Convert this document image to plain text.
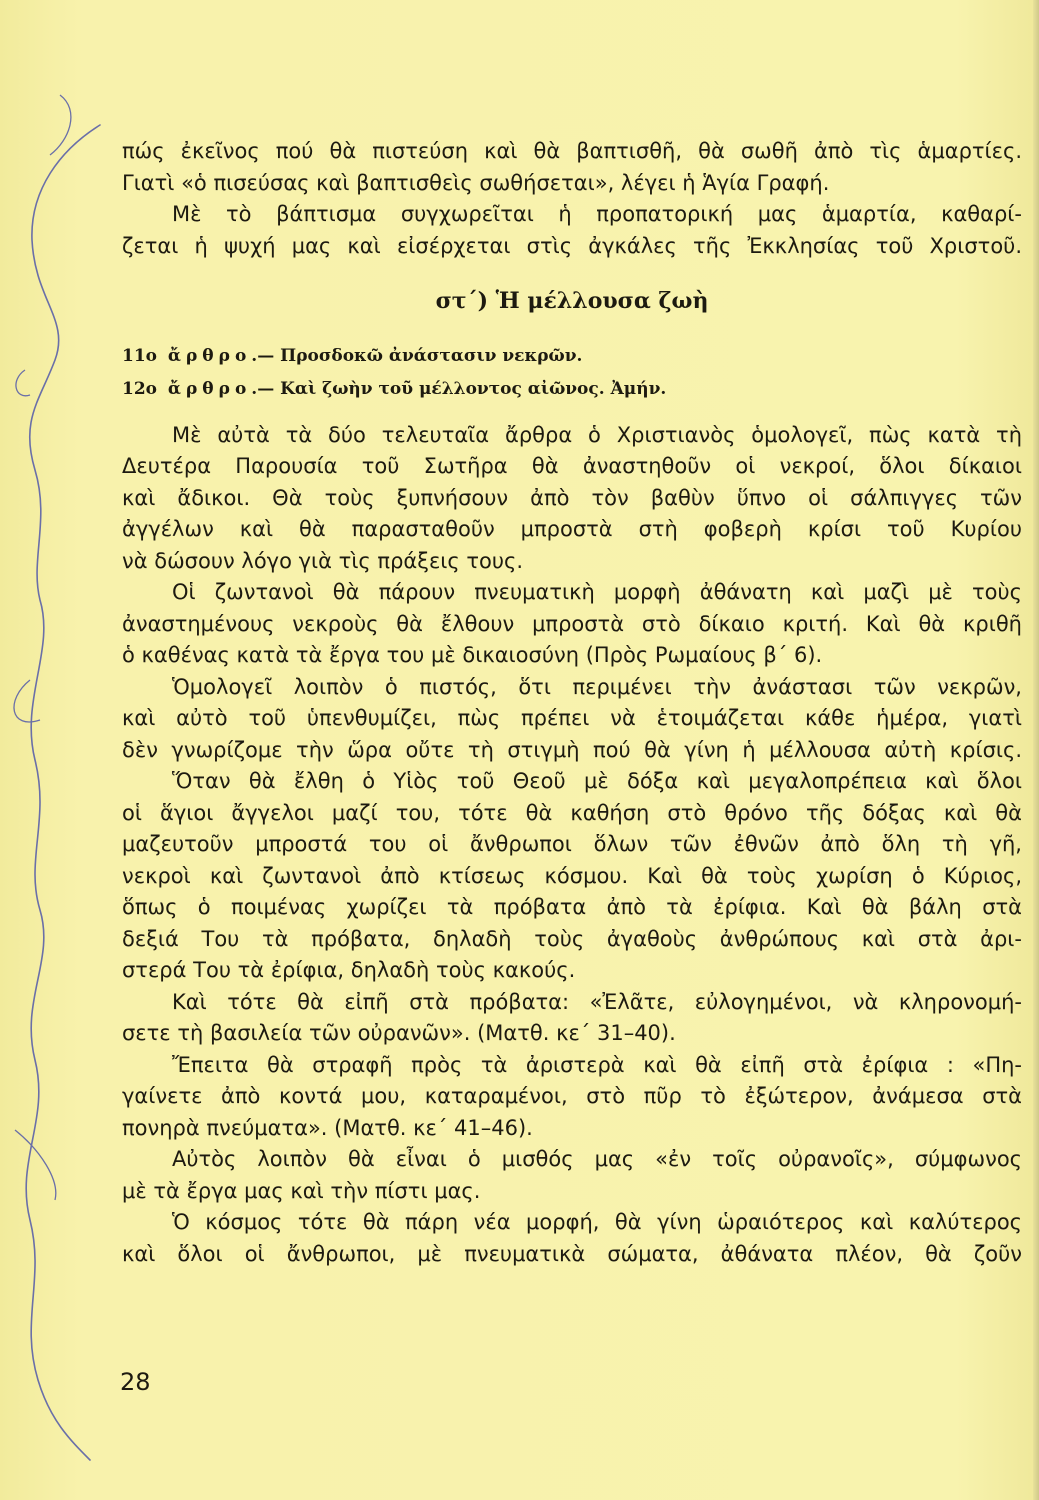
πώς ἐκεῖνος πού θὰ πιστεύση καὶ θὰ βαπτισθῆ, θὰ σωθῆ ἀπὸ τὶς ἁμαρτίες.
Γιατὶ «ὁ πισεύσας καὶ βαπτισθεὶς σωθήσεται», λέγει ἡ Ἁγία Γραφή.
Μὲ τὸ βάπτισμα συγχωρεῖται ἡ προπατορική μας ἁμαρτία, καθαρί-
ζεται ἡ ψυχή μας καὶ εἰσέρχεται στὶς ἀγκάλες τῆς Ἐκκλησίας τοῦ Χριστοῦ.
στ΄) Ἡ μέλλουσα ζωὴ
11ο ἄρθρο.— Προσδοκῶ ἀνάστασιν νεκρῶν.
12ο ἄρθρο.— Καὶ ζωὴν τοῦ μέλλοντος αἰῶνος. Ἀμήν.
Μὲ αὐτὰ τὰ δύο τελευταῖα ἄρθρα ὁ Χριστιανὸς ὁμολογεῖ, πὼς κατὰ τὴ
Δευτέρα Παρουσία τοῦ Σωτῆρα θὰ ἀναστηθοῦν οἱ νεκροί, ὅλοι δίκαιοι
καὶ ἄδικοι. Θὰ τοὺς ξυπνήσουν ἀπὸ τὸν βαθὺν ὕπνο οἱ σάλπιγγες τῶν
ἀγγέλων καὶ θὰ παρασταθοῦν μπροστὰ στὴ φοβερὴ κρίσι τοῦ Κυρίου
νὰ δώσουν λόγο γιὰ τὶς πράξεις τους.
Οἱ ζωντανοὶ θὰ πάρουν πνευματικὴ μορφὴ ἀθάνατη καὶ μαζὶ μὲ τοὺς
ἀναστημένους νεκροὺς θὰ ἔλθουν μπροστὰ στὸ δίκαιο κριτή. Καὶ θὰ κριθῆ
ὁ καθένας κατὰ τὰ ἔργα του μὲ δικαιοσύνη (Πρὸς Ρωμαίους β΄ 6).
Ὁμολογεῖ λοιπὸν ὁ πιστός, ὅτι περιμένει τὴν ἀνάστασι τῶν νεκρῶν,
καὶ αὐτὸ τοῦ ὑπενθυμίζει, πὼς πρέπει νὰ ἑτοιμάζεται κάθε ἡμέρα, γιατὶ
δὲν γνωρίζομε τὴν ὥρα οὔτε τὴ στιγμὴ πού θὰ γίνη ἡ μέλλουσα αὐτὴ κρίσις.
Ὅταν θὰ ἔλθη ὁ Υἱὸς τοῦ Θεοῦ μὲ δόξα καὶ μεγαλοπρέπεια καὶ ὅλοι
οἱ ἅγιοι ἄγγελοι μαζί του, τότε θὰ καθήση στὸ θρόνο τῆς δόξας καὶ θὰ
μαζευτοῦν μπροστά του οἱ ἄνθρωποι ὅλων τῶν ἐθνῶν ἀπὸ ὅλη τὴ γῆ,
νεκροὶ καὶ ζωντανοὶ ἀπὸ κτίσεως κόσμου. Καὶ θὰ τοὺς χωρίση ὁ Κύριος,
ὅπως ὁ ποιμένας χωρίζει τὰ πρόβατα ἀπὸ τὰ ἐρίφια. Καὶ θὰ βάλη στὰ
δεξιά Του τὰ πρόβατα, δηλαδὴ τοὺς ἀγαθοὺς ἀνθρώπους καὶ στὰ ἀρι-
στερά Του τὰ ἐρίφια, δηλαδὴ τοὺς κακούς.
Καὶ τότε θὰ εἰπῆ στὰ πρόβατα: «Ἐλᾶτε, εὐλογημένοι, νὰ κληρονομή-
σετε τὴ βασιλεία τῶν οὐρανῶν». (Ματθ. κε΄ 31–40).
Ἔπειτα θὰ στραφῆ πρὸς τὰ ἀριστερὰ καὶ θὰ εἰπῆ στὰ ἐρίφια : «Πη-
γαίνετε ἀπὸ κοντά μου, καταραμένοι, στὸ πῦρ τὸ ἐξώτερον, ἀνάμεσα στὰ
πονηρὰ πνεύματα». (Ματθ. κε΄ 41–46).
Αὐτὸς λοιπὸν θὰ εἶναι ὁ μισθός μας «ἐν τοῖς οὐρανοῖς», σύμφωνος
μὲ τὰ ἔργα μας καὶ τὴν πίστι μας.
Ὁ κόσμος τότε θὰ πάρη νέα μορφή, θὰ γίνη ὡραιότερος καὶ καλύτερος
καὶ ὅλοι οἱ ἄνθρωποι, μὲ πνευματικὰ σώματα, ἀθάνατα πλέον, θὰ ζοῦν
28
